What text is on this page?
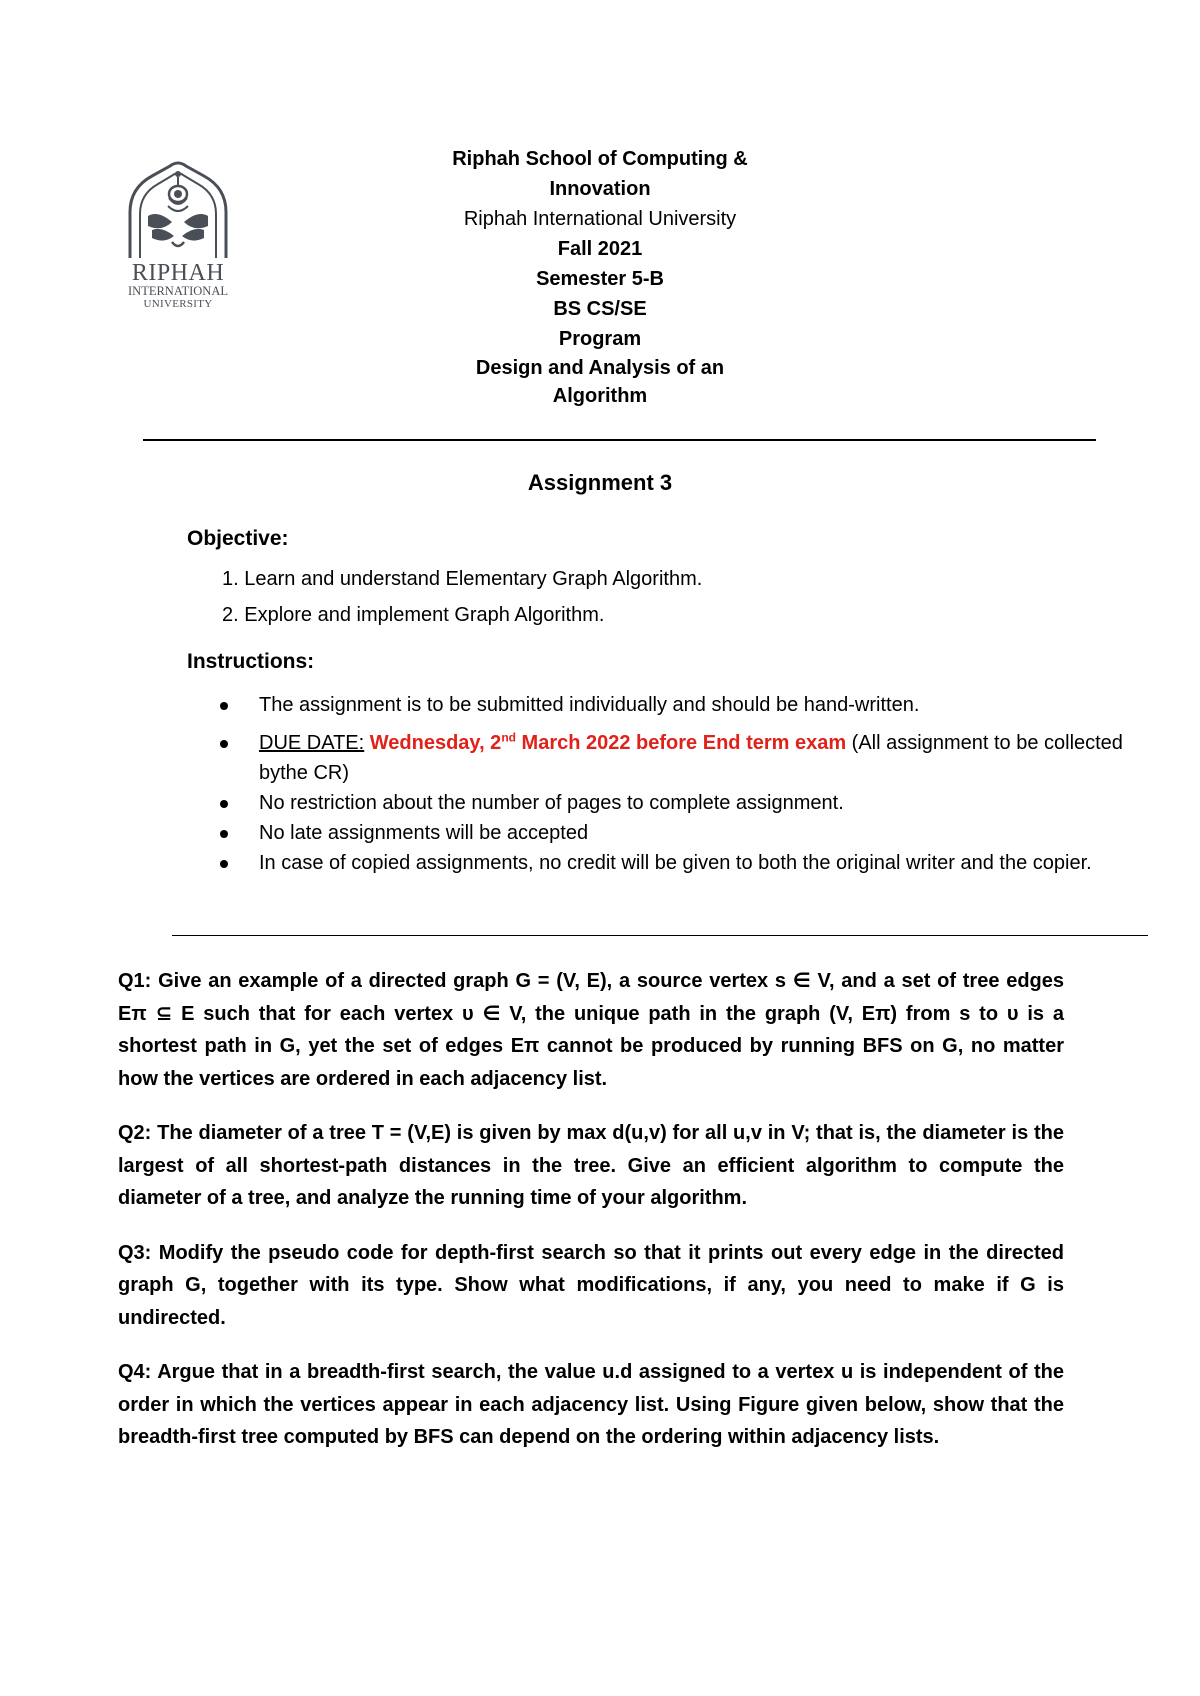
RIPHAH
INTERNATIONAL
UNIVERSITY
Riphah School of Computing &
Innovation
Riphah International University
Fall 2021
Semester 5-B
BS CS/SE
Program
Design and Analysis of an
Algorithm
Assignment 3
Objective:
1. Learn and understand Elementary Graph Algorithm.
2. Explore and implement Graph Algorithm.
Instructions:
The assignment is to be submitted individually and should be hand-written.
DUE DATE: Wednesday, 2nd March 2022 before End term exam (All assignment to be collected bythe CR)
No restriction about the number of pages to complete assignment.
No late assignments will be accepted
In case of copied assignments, no credit will be given to both the original writer and the copier.

Q1: Give an example of a directed graph G = (V, E), a source vertex s ∈ V, and a set of tree edges Eπ ⊆ E such that for each vertex υ ∈ V, the unique path in the graph (V, Eπ) from s to υ is a shortest path in G, yet the set of edges Eπ cannot be produced by running BFS on G, no matter how the vertices are ordered in each adjacency list.

Q2: The diameter of a tree T = (V,E) is given by max d(u,v) for all u,v in V; that is, the diameter is the largest of all shortest-path distances in the tree. Give an efficient algorithm to compute the diameter of a tree, and analyze the running time of your algorithm.

Q3: Modify the pseudo code for depth-first search so that it prints out every edge in the directed graph G, together with its type. Show what modifications, if any, you need to make if G is undirected.

Q4: Argue that in a breadth-first search, the value u.d assigned to a vertex u is independent of the order in which the vertices appear in each adjacency list. Using Figure given below, show that the breadth-first tree computed by BFS can depend on the ordering within adjacency lists.
